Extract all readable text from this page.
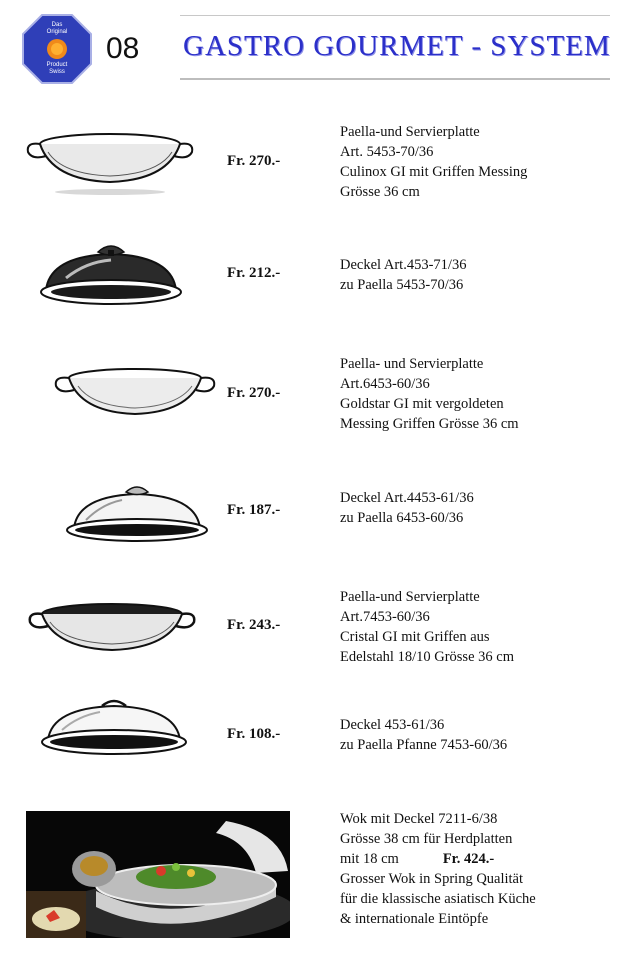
Das
Original
Product
Swiss
08 GASTRO GOURMET - SYSTEM
Fr. 270.-
Paella-und Servierplatte
Art. 5453-70/36
Culinox GI mit Griffen Messing
Grösse 36 cm
Fr. 212.-	Deckel Art.453-71/36
zu Paella 5453-70/36
Fr. 270.-
Paella- und Servierplatte
Art.6453-60/36
Goldstar GI mit vergoldeten
Messing Griffen Grösse 36 cm
Fr. 187.-
Deckel Art.4453-61/36
zu Paella 6453-60/36
Fr. 243.-
Paella-und Servierplatte
Art.7453-60/36
Cristal GI mit Griffen aus
Edelstahl 18/10 Grösse 36 cm
Fr. 108.-
Deckel 453-61/36
zu Paella Pfanne 7453-60/36
Wok mit Deckel 7211-6/38
Grösse 38 cm für Herdplatten
mit 18 cm	Fr. 424.-
Grosser Wok in Spring Qualität
für die klassische asiatisch Küche
& internationale Eintöpfe
